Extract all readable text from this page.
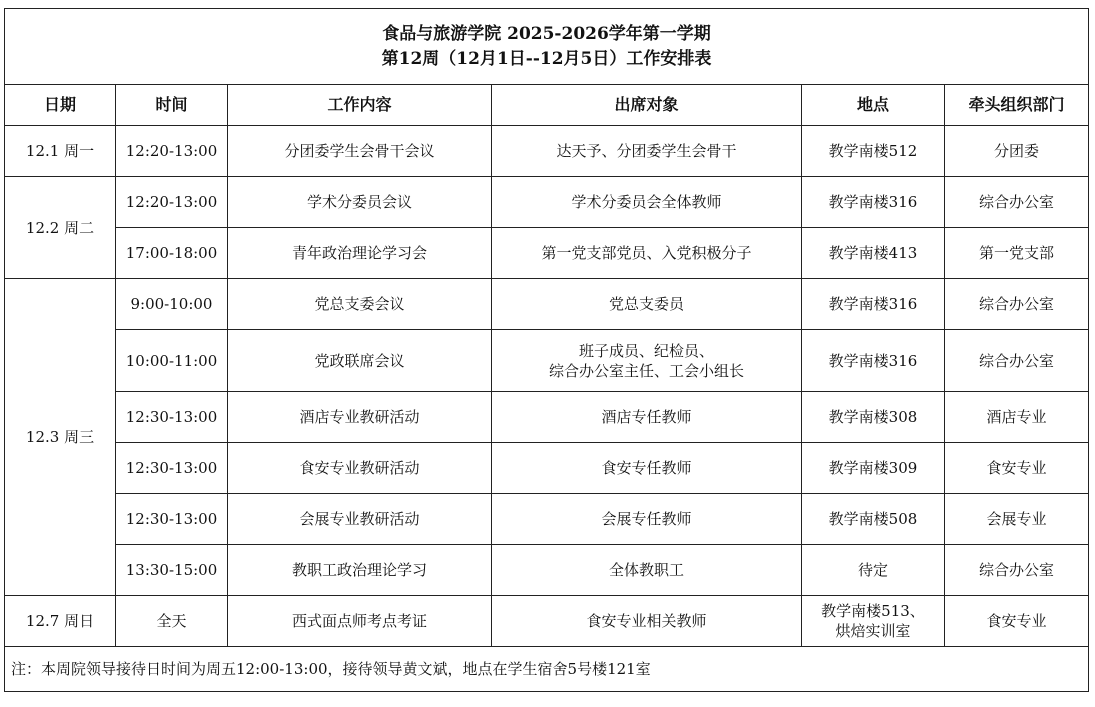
食品与旅游学院 2025-2026学年第一学期
第12周（12月1日--12月5日）工作安排表					

日期	时间	工作内容	出席对象	地点	牵头组织部门
12.1 周一	12:20-13:00	分团委学生会骨干会议	达天予、分团委学生会骨干	教学南楼512	分团委
12.2 周二	12:20-13:00	学术分委员会议	学术分委员会全体教师	教学南楼316	综合办公室
	17:00-18:00	青年政治理论学习会	第一党支部党员、入党积极分子	教学南楼413	第一党支部
12.3 周三	9:00-10:00	党总支委会议	党总支委员	教学南楼316	综合办公室
	10:00-11:00	党政联席会议	班子成员、纪检员、
综合办公室主任、工会小组长	教学南楼316	综合办公室
	12:30-13:00	酒店专业教研活动	酒店专任教师	教学南楼308	酒店专业
	12:30-13:00	食安专业教研活动	食安专任教师	教学南楼309	食安专业
	12:30-13:00	会展专业教研活动	会展专任教师	教学南楼508	会展专业
	13:30-15:00	教职工政治理论学习	全体教职工	待定	综合办公室
12.7 周日	全天	西式面点师考点考证	食安专业相关教师	教学南楼513、
烘焙实训室	食安专业
注：本周院领导接待日时间为周五12:00-13:00，接待领导黄文斌，地点在学生宿舍5号楼121室					
